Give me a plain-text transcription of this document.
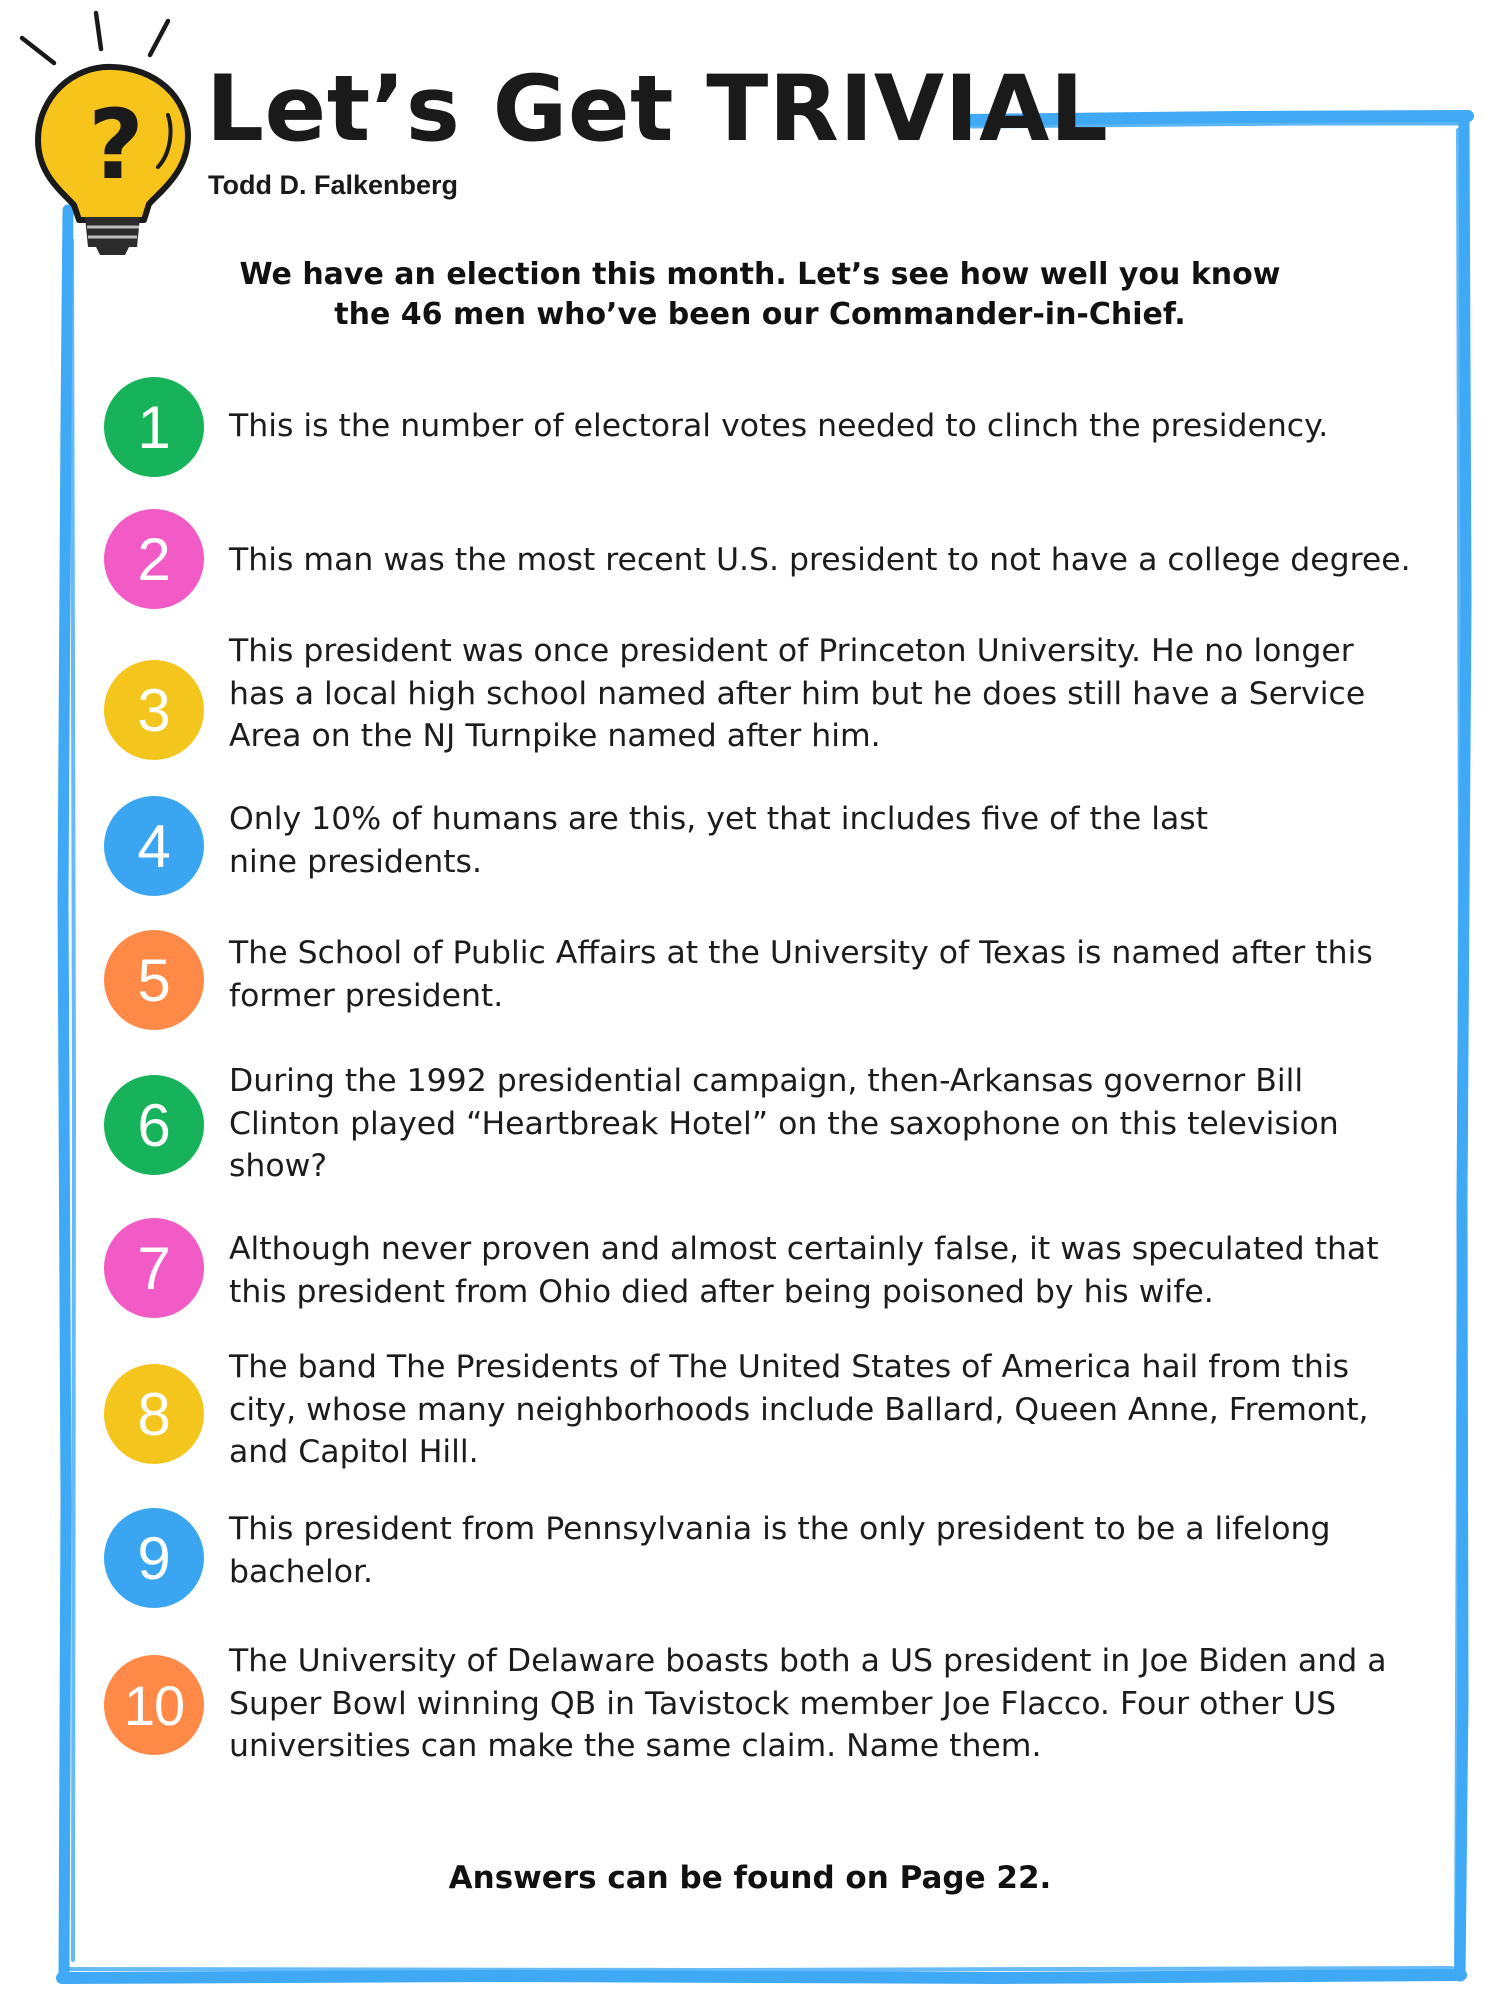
? Let’s Get TRIVIAL
Todd D. Falkenberg
We have an election this month. Let’s see how well you know
the 46 men who’ve been our Commander-in-Chief.
1	This is the number of electoral votes needed to clinch the presidency.
2	This man was the most recent U.S. president to not have a college degree.
3
This president was once president of Princeton University. He no longer
has a local high school named after him but he does still have a Service
Area on the NJ Turnpike named after him.
4	Only 10% of humans are this, yet that includes five of the last
nine presidents.
5	The School of Public Affairs at the University of Texas is named after this
former president.
6
During the 1992 presidential campaign, then-Arkansas governor Bill
Clinton played “Heartbreak Hotel” on the saxophone on this television
show?
7	Although never proven and almost certainly false, it was speculated that
this president from Ohio died after being poisoned by his wife.
8
The band The Presidents of The United States of America hail from this
city, whose many neighborhoods include Ballard, Queen Anne, Fremont,
and Capitol Hill.
9	This president from Pennsylvania is the only president to be a lifelong
bachelor.
10
The University of Delaware boasts both a US president in Joe Biden and a
Super Bowl winning QB in Tavistock member Joe Flacco. Four other US
universities can make the same claim. Name them.
Answers can be found on Page 22.
